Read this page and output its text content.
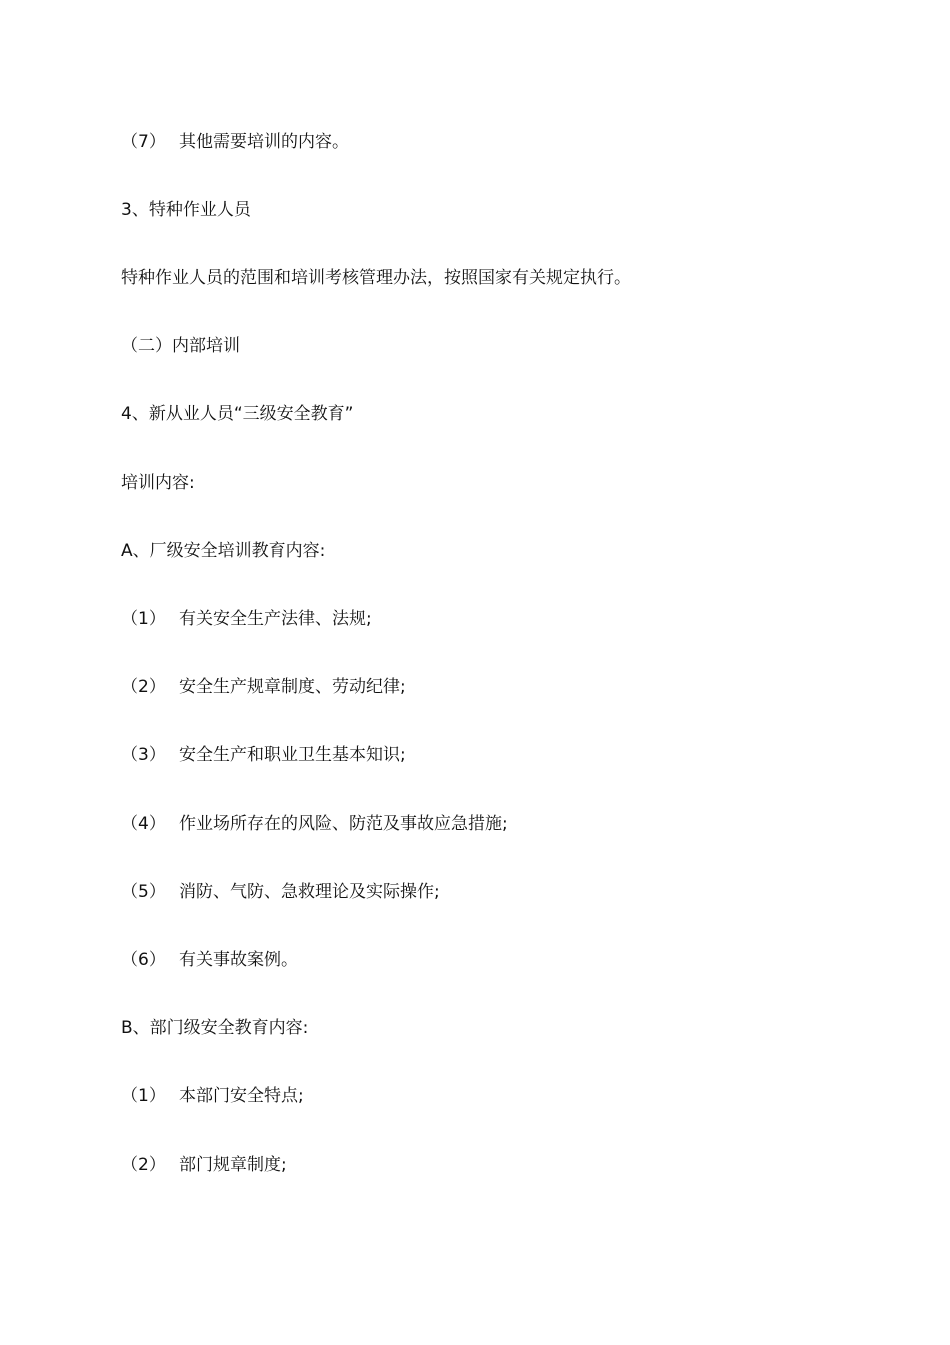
（7） 其他需要培训的内容。
3、特种作业人员
特种作业人员的范围和培训考核管理办法，按照国家有关规定执行。
（二）内部培训
4、新从业人员“三级安全教育”
培训内容:
A、厂级安全培训教育内容:
（1） 有关安全生产法律、法规;
（2） 安全生产规章制度、劳动纪律;
（3） 安全生产和职业卫生基本知识;
（4） 作业场所存在的风险、防范及事故应急措施;
（5） 消防、气防、急救理论及实际操作;
（6） 有关事故案例。
B、部门级安全教育内容:
（1） 本部门安全特点;
（2） 部门规章制度;
